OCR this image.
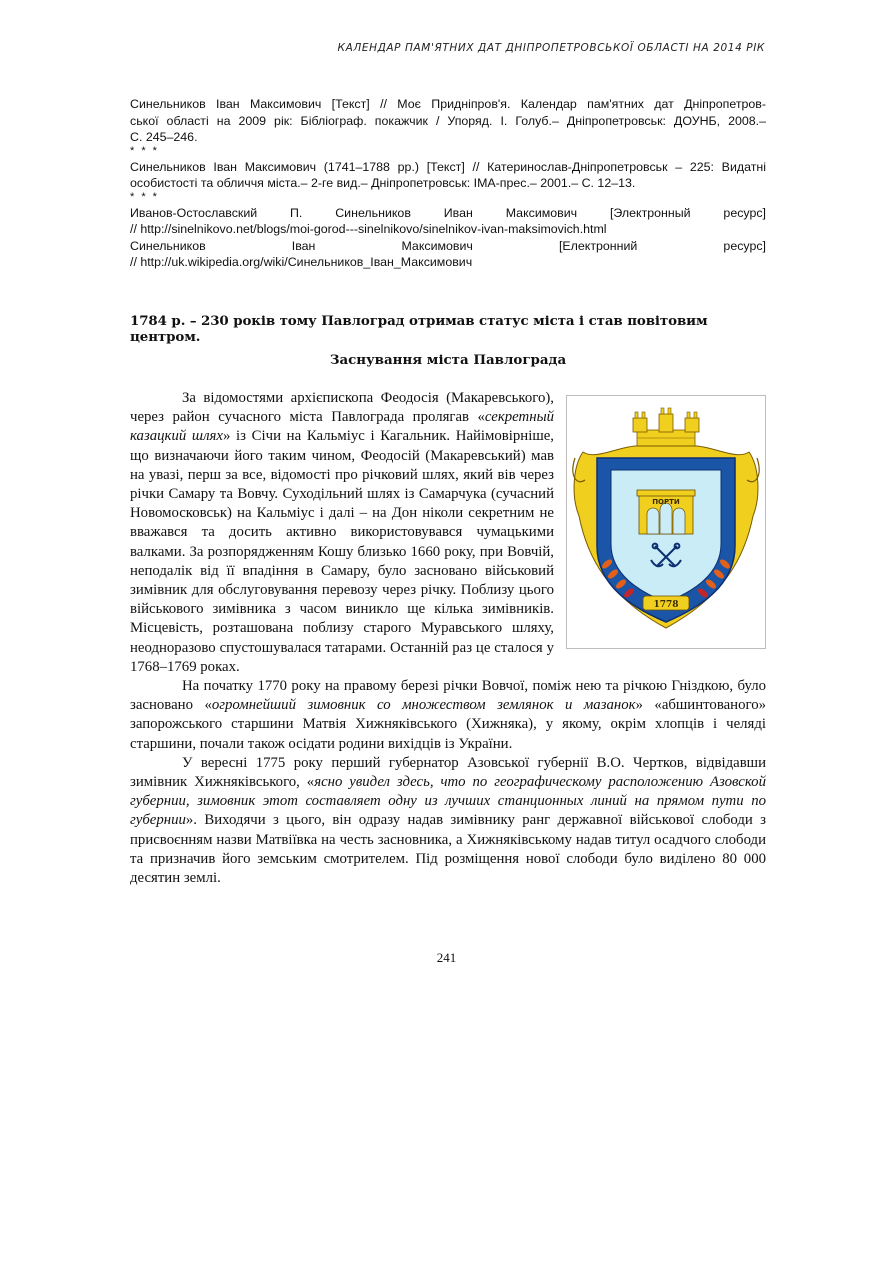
КАЛЕНДАР ПАМ'ЯТНИХ ДАТ ДНІПРОПЕТРОВСЬКОЇ ОБЛАСТІ НА 2014 РІК
Синельников Іван Максимович [Текст] // Моє Придніпров'я. Календар пам'ятних дат Дніпропетров-
ської області на 2009 рік: Бібліограф. покажчик / Упоряд. І. Голуб.– Дніпропетровськ: ДОУНБ, 2008.–
С. 245–246.
* * *
Синельников Іван Максимович (1741–1788 рр.) [Текст] // Катеринослав-Дніпропетровськ – 225: Видатні
особистості та обличчя міста.– 2-ге вид.– Дніпропетровськ: ІМА-прес.– 2001.– С. 12–13.
* * *
Иванов-Остославский П. Синельников Иван Максимович [Электронный ресурс]
// http://sinelnikovo.net/blogs/moi-gorod---sinelnikovo/sinelnikov-ivan-maksimovich.html
Синельников Іван Максимович [Електронний ресурс]
// http://uk.wikipedia.org/wiki/Синельников_Іван_Максимович
1784 р. – 230 років тому Павлоград отримав статус міста і став повітовим центром.
Заснування міста Павлограда
ПОРТИ
1778

За відомостями архієпископа Феодосія (Макаревського), через район сучасного міста Павлограда пролягав «секретный казацкий шлях» із Січи на Кальміус і Кагальник. Найімовірніше, що визначаючи його таким чином, Феодосій (Макаревський) мав на увазі, перш за все, відомості про річковий шлях, який вів через річки Самару та Вовчу. Суходільний шлях із Самарчука (сучасний Новомосковськ) на Кальміус і далі – на Дон ніколи секретним не вважався та досить активно використовувався чумацькими валками. За розпорядженням Кошу близько 1660 року, при Вовчій, неподалік від її впадіння в Самару, було засновано військовий зимівник для обслуговування перевозу через річку. Поблизу цього військового зимівника з часом виникло ще кілька зимівників. Місцевість, розташована поблизу старого Муравського шляху, неодноразово спустошувалася татарами. Останній раз це сталося у 1768–1769 роках.

На початку 1770 року на правому березі річки Вовчої, поміж нею та річкою Гніздкою, було засновано «огромнейший зимовник со множеством землянок и мазанок» «абшинтованого» запорожського старшини Матвія Хижняківського (Хижняка), у якому, окрім хлопців і челяді старшини, почали також осідати родини вихідців із України.

У вересні 1775 року перший губернатор Азовської губернії В.О. Чертков, відвідавши зимівник Хижняківського, «ясно увидел здесь, что по географическому расположению Азовской губернии, зимовник этот составляет одну из лучших станционных линий на прямом пути по губернии». Виходячи з цього, він одразу надав зимівнику ранг державної військової слободи з присвоєнням назви Матвіївка на честь засновника, а Хижняківському надав титул осадчого слободи та призначив його земським смотрителем. Під розміщення нової слободи було виділено 80 000 десятин землі.

241
